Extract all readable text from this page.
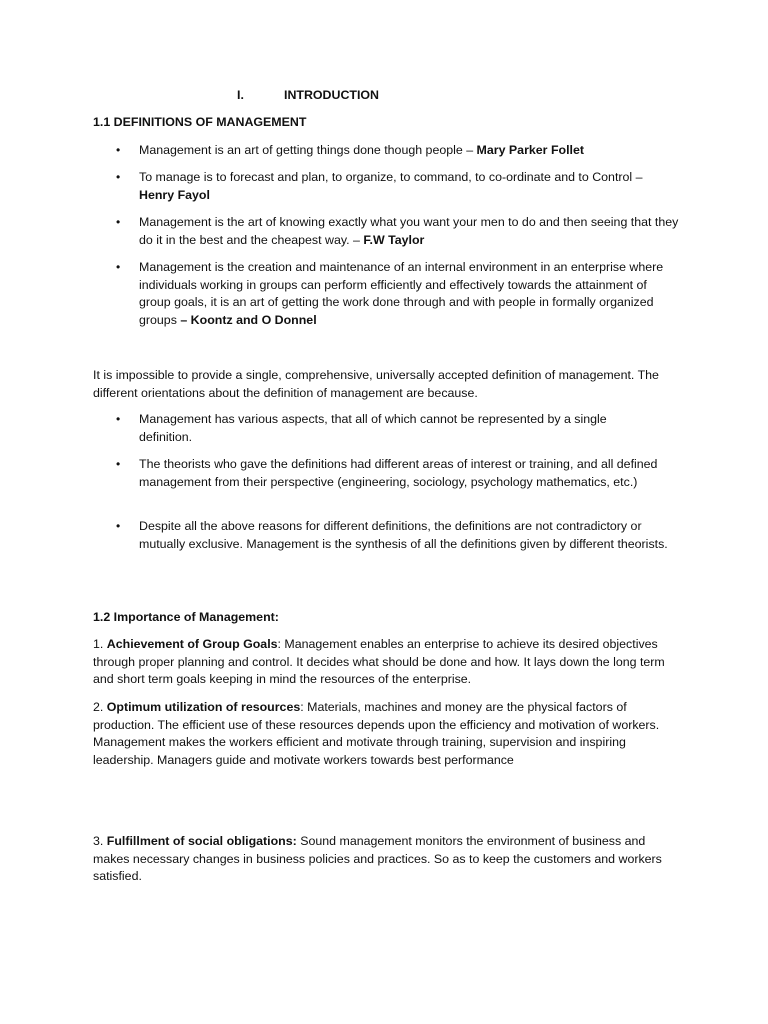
I.	INTRODUCTION
1.1 DEFINITIONS OF MANAGEMENT
• Management is an art of getting things done though people – Mary Parker Follet
• To manage is to forecast and plan, to organize, to command, to co-ordinate and to Control – Henry Fayol
• Management is the art of knowing exactly what you want your men to do and then seeing that they do it in the best and the cheapest way. – F.W Taylor
• Management is the creation and maintenance of an internal environment in an enterprise where individuals working in groups can perform efficiently and effectively towards the attainment of group goals, it is an art of getting the work done through and with people in formally organized groups – Koontz and O Donnel
It is impossible to provide a single, comprehensive, universally accepted definition of management. The different orientations about the definition of management are because.
• Management has various aspects, that all of which cannot be represented by a single definition.
• The theorists who gave the definitions had different areas of interest or training, and all defined management from their perspective (engineering, sociology, psychology mathematics, etc.)
• Despite all the above reasons for different definitions, the definitions are not contradictory or mutually exclusive. Management is the synthesis of all the definitions given by different theorists.
1.2 Importance of Management:
1. Achievement of Group Goals: Management enables an enterprise to achieve its desired objectives through proper planning and control. It decides what should be done and how. It lays down the long term and short term goals keeping in mind the resources of the enterprise.
2. Optimum utilization of resources: Materials, machines and money are the physical factors of production. The efficient use of these resources depends upon the efficiency and motivation of workers. Management makes the workers efficient and motivate through training, supervision and inspiring leadership. Managers guide and motivate workers towards best performance
3. Fulfillment of social obligations: Sound management monitors the environment of business and makes necessary changes in business policies and practices. So as to keep the customers and workers satisfied.
